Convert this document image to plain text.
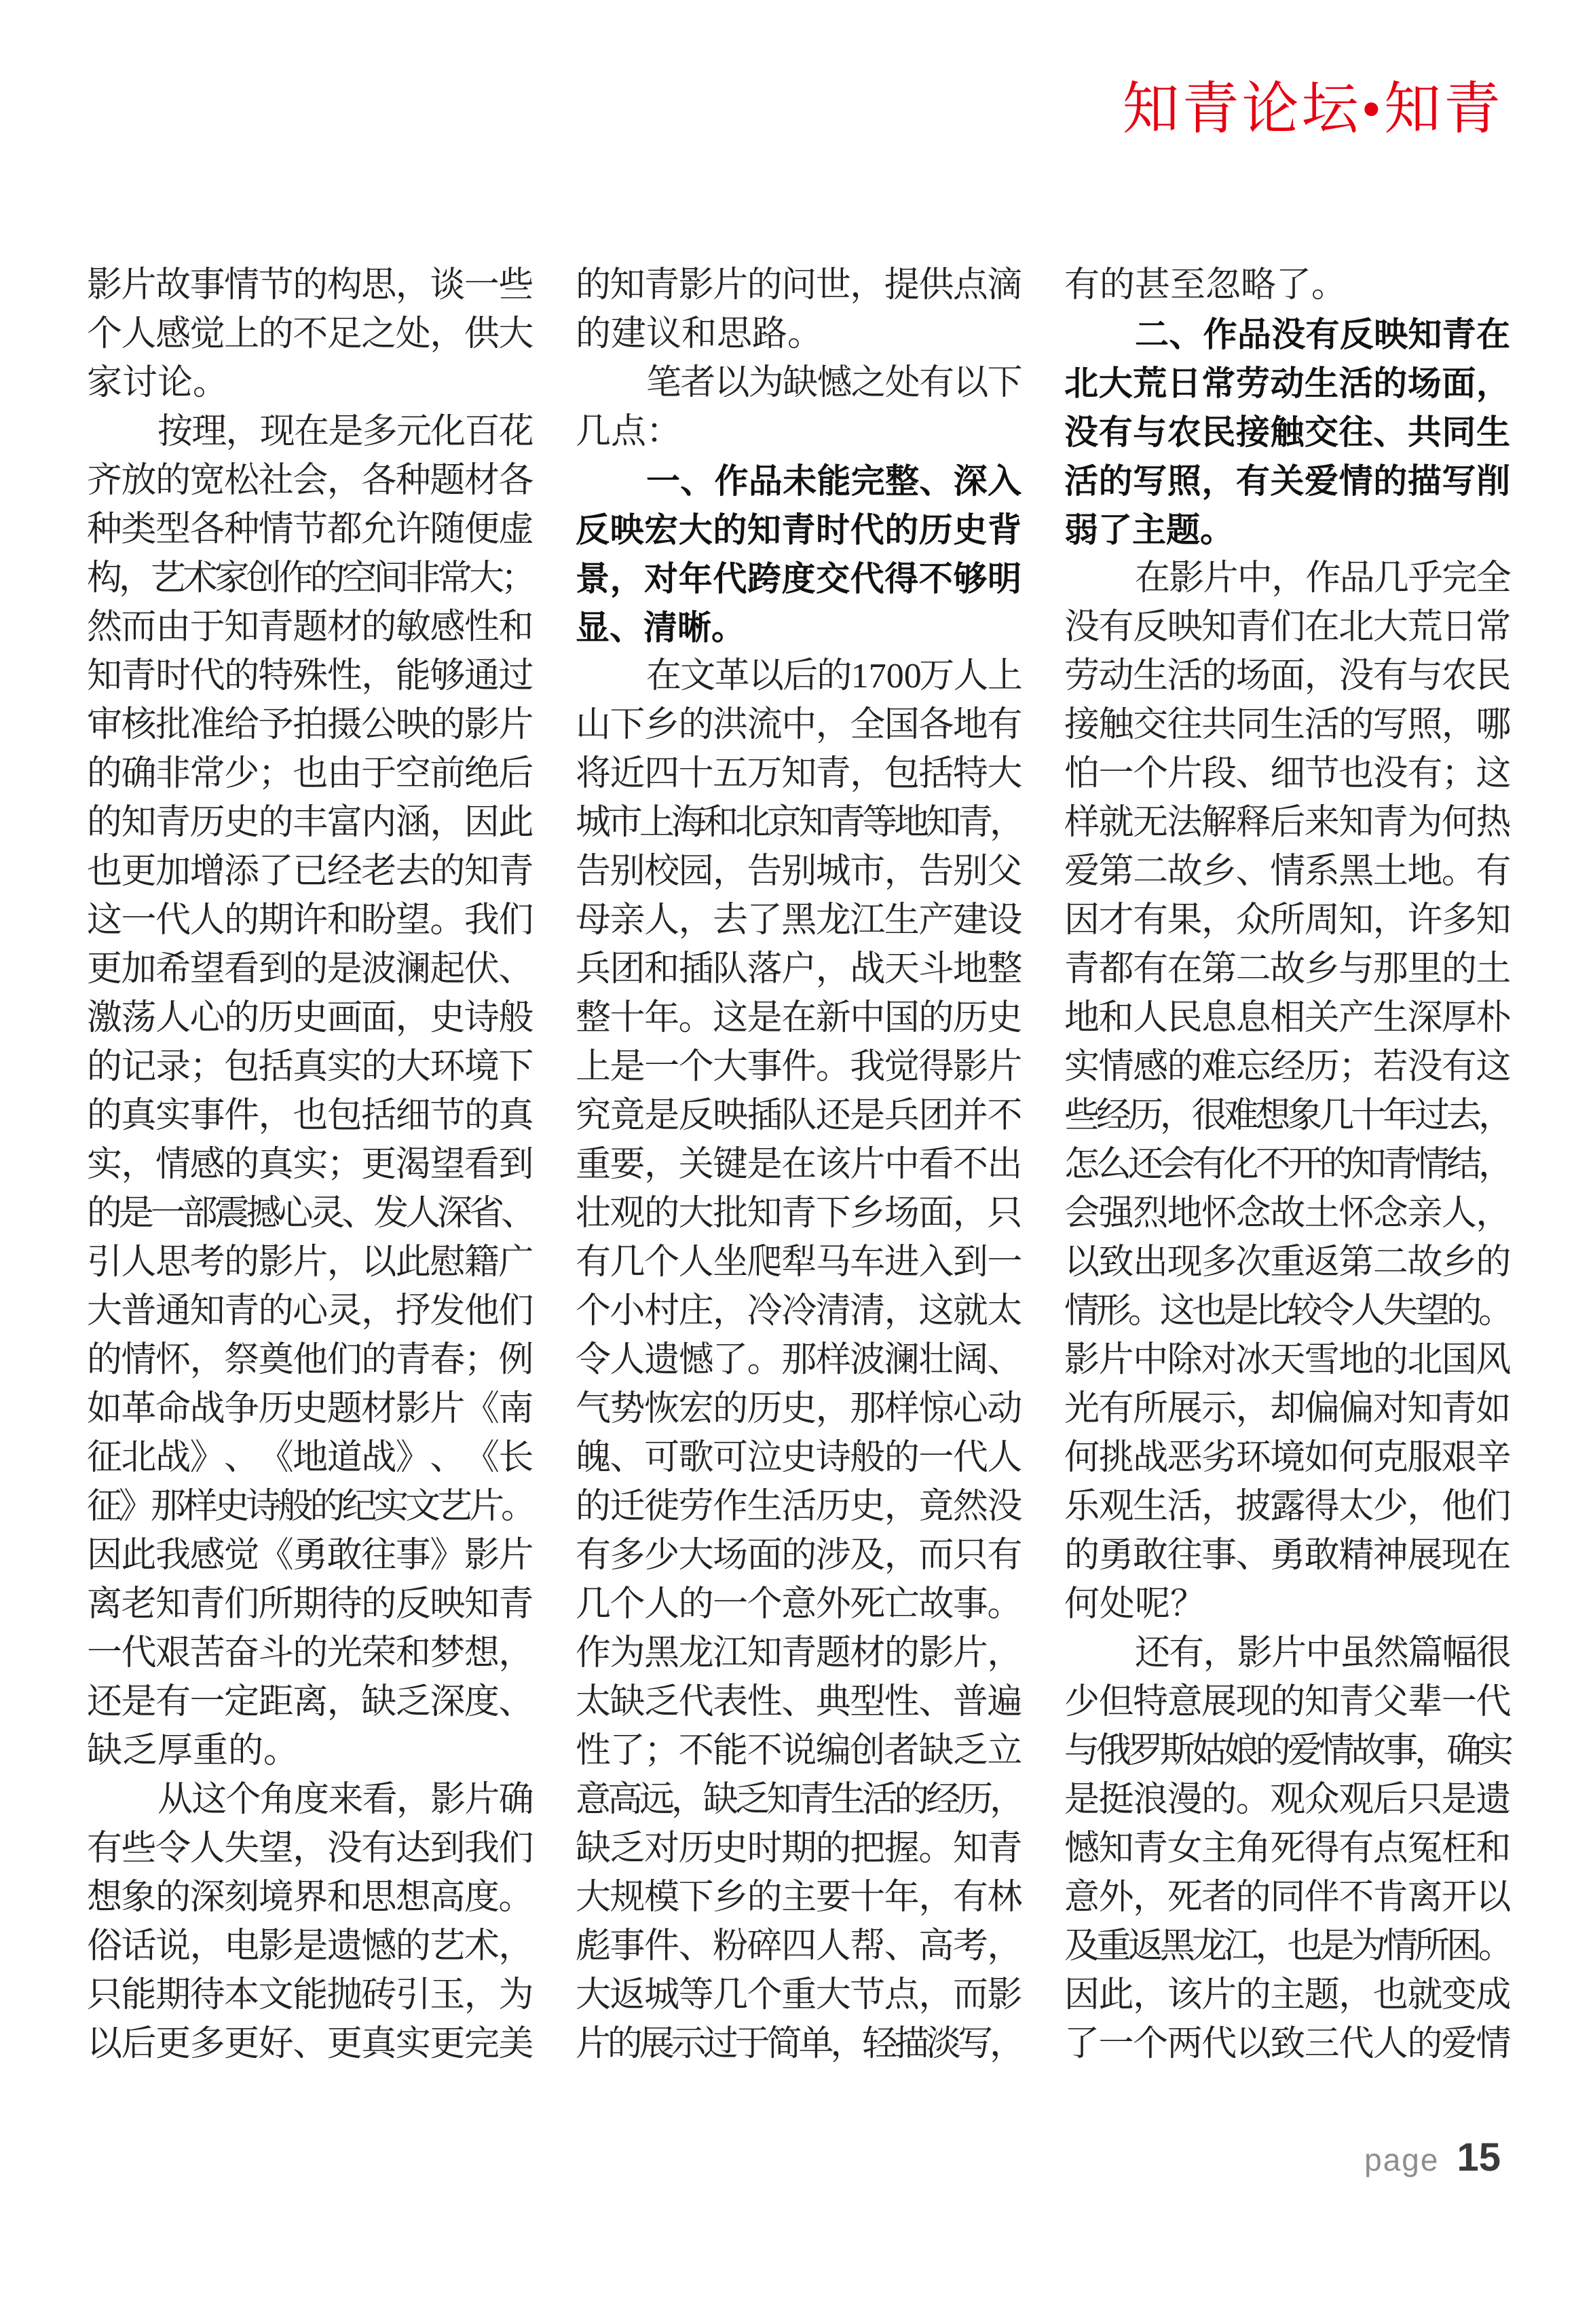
知青论坛•知青
影
片
故
事
情
节
的
构
思
，
谈
一
些
个
人
感
觉
上
的
不
足
之
处
，
供
大
家讨论。
按
理
，
现
在
是
多
元
化
百
花
齐
放
的
宽
松
社
会
，
各
种
题
材
各
种
类
型
各
种
情
节
都
允
许
随
便
虚
构
，
艺
术
家
创
作
的
空
间
非
常
大
；
然
而
由
于
知
青
题
材
的
敏
感
性
和
知
青
时
代
的
特
殊
性
，
能
够
通
过
审
核
批
准
给
予
拍
摄
公
映
的
影
片
的
确
非
常
少
；
也
由
于
空
前
绝
后
的
知
青
历
史
的
丰
富
内
涵
，
因
此
也
更
加
增
添
了
已
经
老
去
的
知
青
这
一
代
人
的
期
许
和
盼
望
。
我
们
更
加
希
望
看
到
的
是
波
澜
起
伏
、
激
荡
人
心
的
历
史
画
面
，
史
诗
般
的
记
录
；
包
括
真
实
的
大
环
境
下
的
真
实
事
件
，
也
包
括
细
节
的
真
实
，
情
感
的
真
实
；
更
渴
望
看
到
的
是
一
部
震
撼
心
灵
、
发
人
深
省
、
引
人
思
考
的
影
片
，
以
此
慰
籍
广
大
普
通
知
青
的
心
灵
，
抒
发
他
们
的
情
怀
，
祭
奠
他
们
的
青
春
；
例
如
革
命
战
争
历
史
题
材
影
片
《
南
征
北
战
》
、
《
地
道
战
》
、
《
长
征
》
那
样
史
诗
般
的
纪
实
文
艺
片
。
因
此
我
感
觉
《
勇
敢
往
事
》
影
片
离
老
知
青
们
所
期
待
的
反
映
知
青
一
代
艰
苦
奋
斗
的
光
荣
和
梦
想
，
还
是
有
一
定
距
离
，
缺
乏
深
度
、
缺乏厚重的。
从
这
个
角
度
来
看
，
影
片
确
有
些
令
人
失
望
，
没
有
达
到
我
们
想
象
的
深
刻
境
界
和
思
想
高
度
。
俗
话
说
，
电
影
是
遗
憾
的
艺
术
，
只
能
期
待
本
文
能
抛
砖
引
玉
，
为
以
后
更
多
更
好
、
更
真
实
更
完
美
的
知
青
影
片
的
问
世
，
提
供
点
滴
的建议和思路。
笔
者
以
为
缺
憾
之
处
有
以
下
几点：
一 、 作 品 未 能 完 整 、 深 入
反 映 宏 大 的 知 青 时 代 的 历 史 背
景 ， 对 年 代 跨 度 交 代 得 不 够 明
显、清晰。
在
文
革
以
后
的
1700
万
人
上
山
下
乡
的
洪
流
中
，
全
国
各
地
有
将
近
四
十
五
万
知
青
，
包
括
特
大
城
市
上
海
和
北
京
知
青
等
地
知
青
，
告
别
校
园
，
告
别
城
市
，
告
别
父
母
亲
人
，
去
了
黑
龙
江
生
产
建
设
兵
团
和
插
队
落
户
，
战
天
斗
地
整
整
十
年
。
这
是
在
新
中
国
的
历
史
上
是
一
个
大
事
件
。
我
觉
得
影
片
究
竟
是
反
映
插
队
还
是
兵
团
并
不
重
要
，
关
键
是
在
该
片
中
看
不
出
壮
观
的
大
批
知
青
下
乡
场
面
，
只
有
几
个
人
坐
爬
犁
马
车
进
入
到
一
个
小
村
庄
，
冷
冷
清
清
，
这
就
太
令
人
遗
憾
了
。
那
样
波
澜
壮
阔
、
气
势
恢
宏
的
历
史
，
那
样
惊
心
动
魄
、
可
歌
可
泣
史
诗
般
的
一
代
人
的
迁
徙
劳
作
生
活
历
史
，
竟
然
没
有
多
少
大
场
面
的
涉
及
，
而
只
有
几
个
人
的
一
个
意
外
死
亡
故
事
。
作
为
黑
龙
江
知
青
题
材
的
影
片
，
太
缺
乏
代
表
性
、
典
型
性
、
普
遍
性
了
；
不
能
不
说
编
创
者
缺
乏
立
意
高
远
，
缺
乏
知
青
生
活
的
经
历
，
缺
乏
对
历
史
时
期
的
把
握
。
知
青
大
规
模
下
乡
的
主
要
十
年
，
有
林
彪
事
件
、
粉
碎
四
人
帮
、
高
考
，
大
返
城
等
几
个
重
大
节
点
，
而
影
片
的
展
示
过
于
简
单
，
轻
描
淡
写
，
有的甚至忽略了。
二 、 作 品 没 有 反 映 知 青 在
北 大 荒 日 常 劳 动 生 活 的 场 面 ，
没 有 与 农 民 接 触 交 往 、 共 同 生
活 的 写 照 ， 有 关 爱 情 的 描 写 削
弱了主题。
在
影
片
中
，
作
品
几
乎
完
全
没
有
反
映
知
青
们
在
北
大
荒
日
常
劳
动
生
活
的
场
面
，
没
有
与
农
民
接
触
交
往
共
同
生
活
的
写
照
，
哪
怕
一
个
片
段
、
细
节
也
没
有
；
这
样
就
无
法
解
释
后
来
知
青
为
何
热
爱
第
二
故
乡
、
情
系
黑
土
地
。
有
因
才
有
果
，
众
所
周
知
，
许
多
知
青
都
有
在
第
二
故
乡
与
那
里
的
土
地
和
人
民
息
息
相
关
产
生
深
厚
朴
实
情
感
的
难
忘
经
历
；
若
没
有
这
些
经
历
，
很
难
想
象
几
十
年
过
去
，
怎
么
还
会
有
化
不
开
的
知
青
情
结
，
会
强
烈
地
怀
念
故
土
怀
念
亲
人
，
以
致
出
现
多
次
重
返
第
二
故
乡
的
情
形
。
这
也
是
比
较
令
人
失
望
的
。
影
片
中
除
对
冰
天
雪
地
的
北
国
风
光
有
所
展
示
，
却
偏
偏
对
知
青
如
何
挑
战
恶
劣
环
境
如
何
克
服
艰
辛
乐
观
生
活
，
披
露
得
太
少
，
他
们
的
勇
敢
往
事
、
勇
敢
精
神
展
现
在
何处呢？
还
有
，
影
片
中
虽
然
篇
幅
很
少
但
特
意
展
现
的
知
青
父
辈
一
代
与
俄
罗
斯
姑
娘
的
爱
情
故
事
，
确
实
是
挺
浪
漫
的
。
观
众
观
后
只
是
遗
憾
知
青
女
主
角
死
得
有
点
冤
枉
和
意
外
，
死
者
的
同
伴
不
肯
离
开
以
及
重
返
黑
龙
江
，
也
是
为
情
所
困
。
因
此
，
该
片
的
主
题
，
也
就
变
成
了
一
个
两
代
以
致
三
代
人
的
爱
情
page 15
